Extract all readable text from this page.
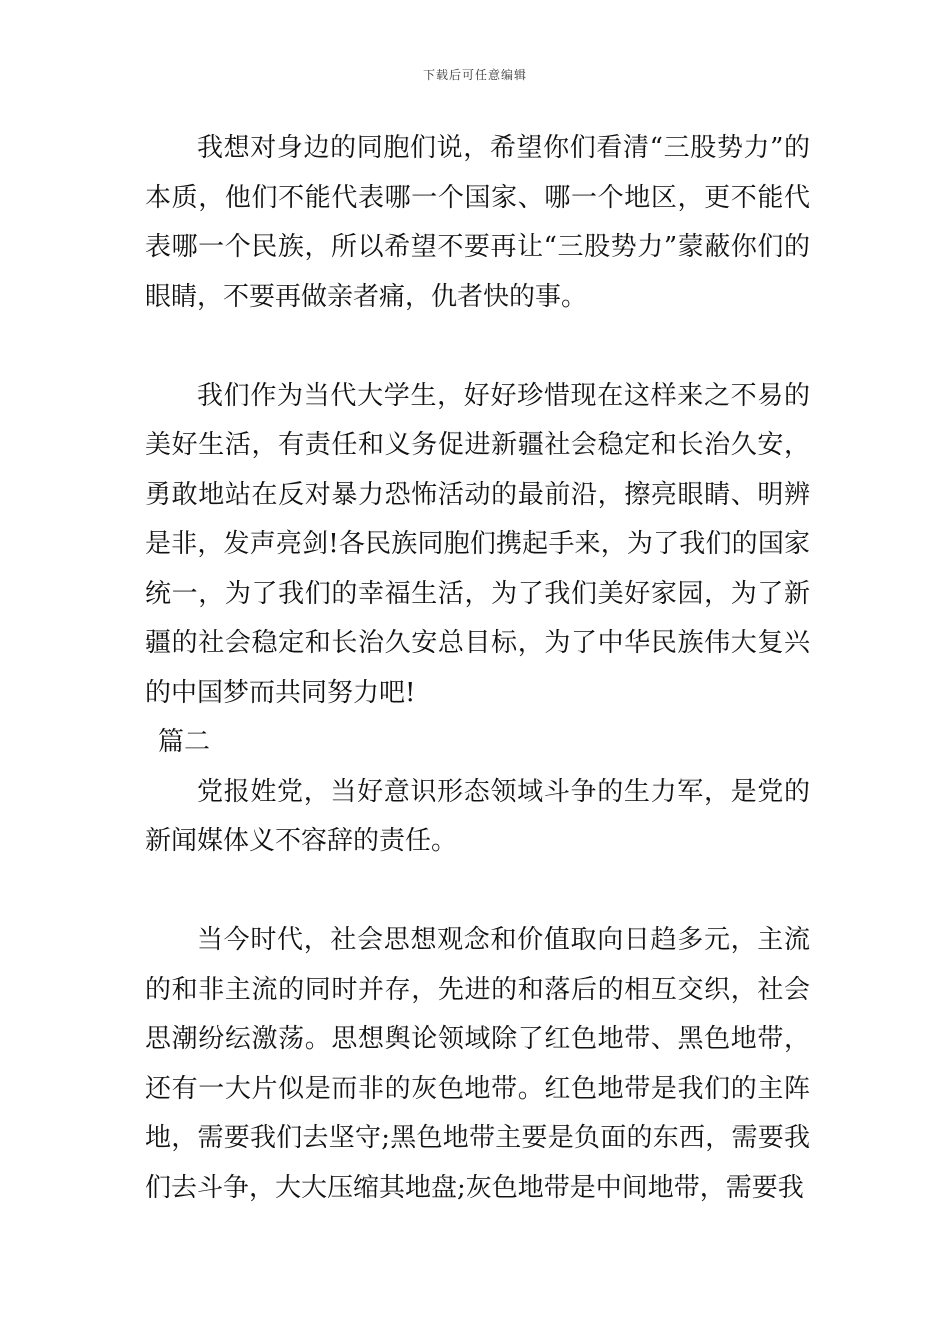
下载后可任意编辑

我想对身边的同胞们说，希望你们看清“三股势力”的本质，他们不能代表哪一个国家、哪一个地区，更不能代表哪一个民族，所以希望不要再让“三股势力”蒙蔽你们的眼睛，不要再做亲者痛，仇者快的事。

我们作为当代大学生，好好珍惜现在这样来之不易的美好生活，有责任和义务促进新疆社会稳定和长治久安，勇敢地站在反对暴力恐怖活动的最前沿，擦亮眼睛、明辨是非，发声亮剑!各民族同胞们携起手来，为了我们的国家统一，为了我们的幸福生活，为了我们美好家园，为了新疆的社会稳定和长治久安总目标，为了中华民族伟大复兴的中国梦而共同努力吧!

篇二

党报姓党，当好意识形态领域斗争的生力军，是党的新闻媒体义不容辞的责任。

当今时代，社会思想观念和价值取向日趋多元，主流的和非主流的同时并存，先进的和落后的相互交织，社会思潮纷纭激荡。思想舆论领域除了红色地带、黑色地带，还有一大片似是而非的灰色地带。红色地带是我们的主阵地，需要我们去坚守;黑色地带主要是负面的东西，需要我们去斗争，大大压缩其地盘;灰色地带是中间地带，需要我
